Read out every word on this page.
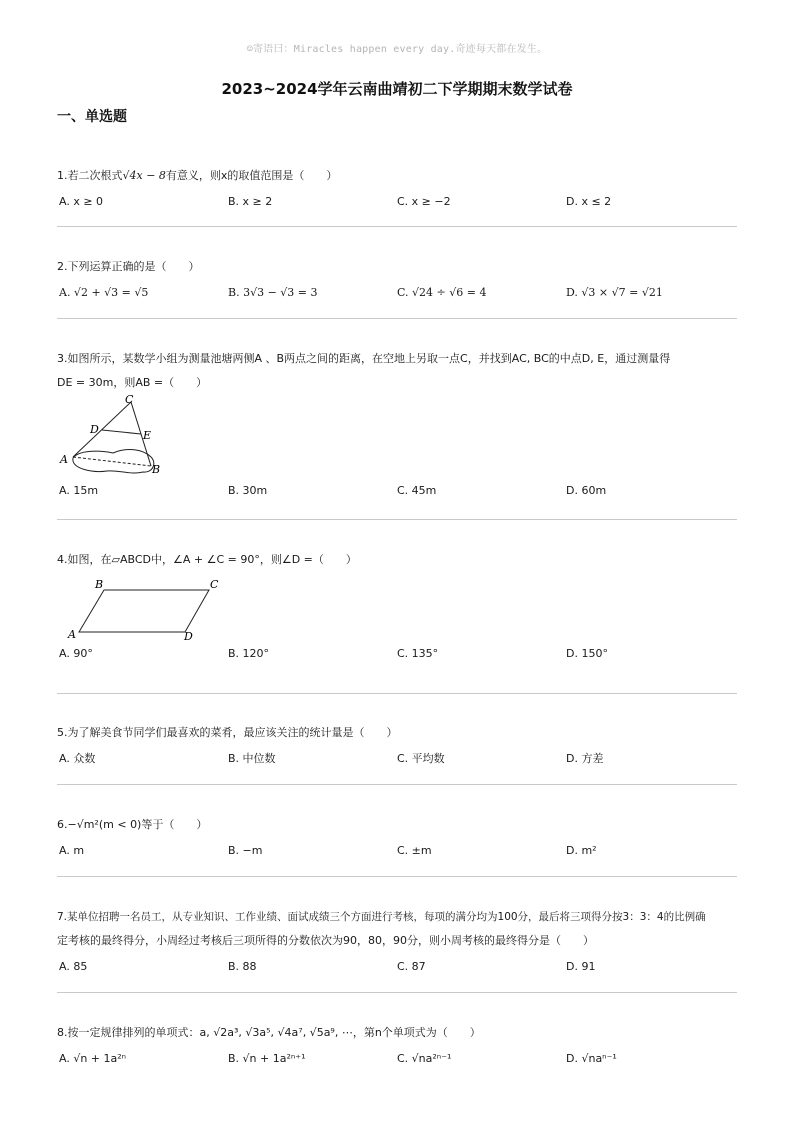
☺寄语曰：Miracles happen every day.奇迹每天都在发生。
2023~2024学年云南曲靖初二下学期期末数学试卷
一、单选题
1.若二次根式√4x − 8有意义，则x的取值范围是（　　）
A. x ≥ 0	B. x ≥ 2	C. x ≥ −2	D. x ≤ 2
2.下列运算正确的是（　　）
A. √2 + √3 = √5	B. 3√3 − √3 = 3	C. √24 ÷ √6 = 4	D. √3 × √7 = √21
3.如图所示，某数学小组为测量池塘两侧A 、B两点之间的距离，在空地上另取一点C，并找到AC, BC的中点D, E，通过测量得
DE = 30m，则AB =（　　）
C
D	E
A
B
A. 15m	B. 30m	C. 45m	D. 60m
4.如图，在▱ABCD中，∠A + ∠C = 90°，则∠D =（　　）
B	C
A	D
A. 90°	B. 120°	C. 135°	D. 150°
5.为了解美食节同学们最喜欢的菜肴，最应该关注的统计量是（　　）
A. 众数	B. 中位数	C. 平均数	D. 方差
6.−√m²(m < 0)等于（　　）
A. m	B. −m	C. ±m	D. m²
7.某单位招聘一名员工，从专业知识、工作业绩、面试成绩三个方面进行考核，每项的满分均为100分，最后将三项得分按3：3：4的比例确
定考核的最终得分，小周经过考核后三项所得的分数依次为90，80，90分，则小周考核的最终得分是（　　）
A. 85	B. 88	C. 87	D. 91
8.按一定规律排列的单项式：a, √2a³, √3a⁵, √4a⁷, √5a⁹, ⋯，第n个单项式为（　　）
A. √n + 1a²ⁿ	B. √n + 1a²ⁿ⁺¹	C. √na²ⁿ⁻¹	D. √naⁿ⁻¹
